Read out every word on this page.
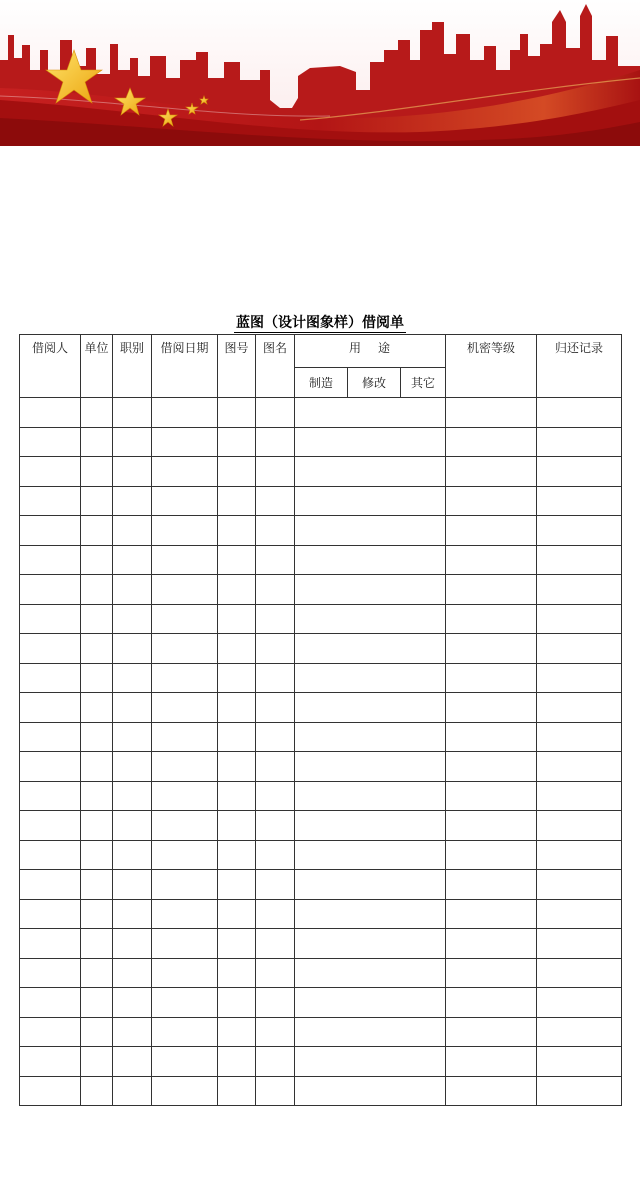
蓝图（设计图象样）借阅单
借阅人	单位	职别	借阅日期	图号	图名	用 途			机密等级	归还记录
						制造	修改	其它		
